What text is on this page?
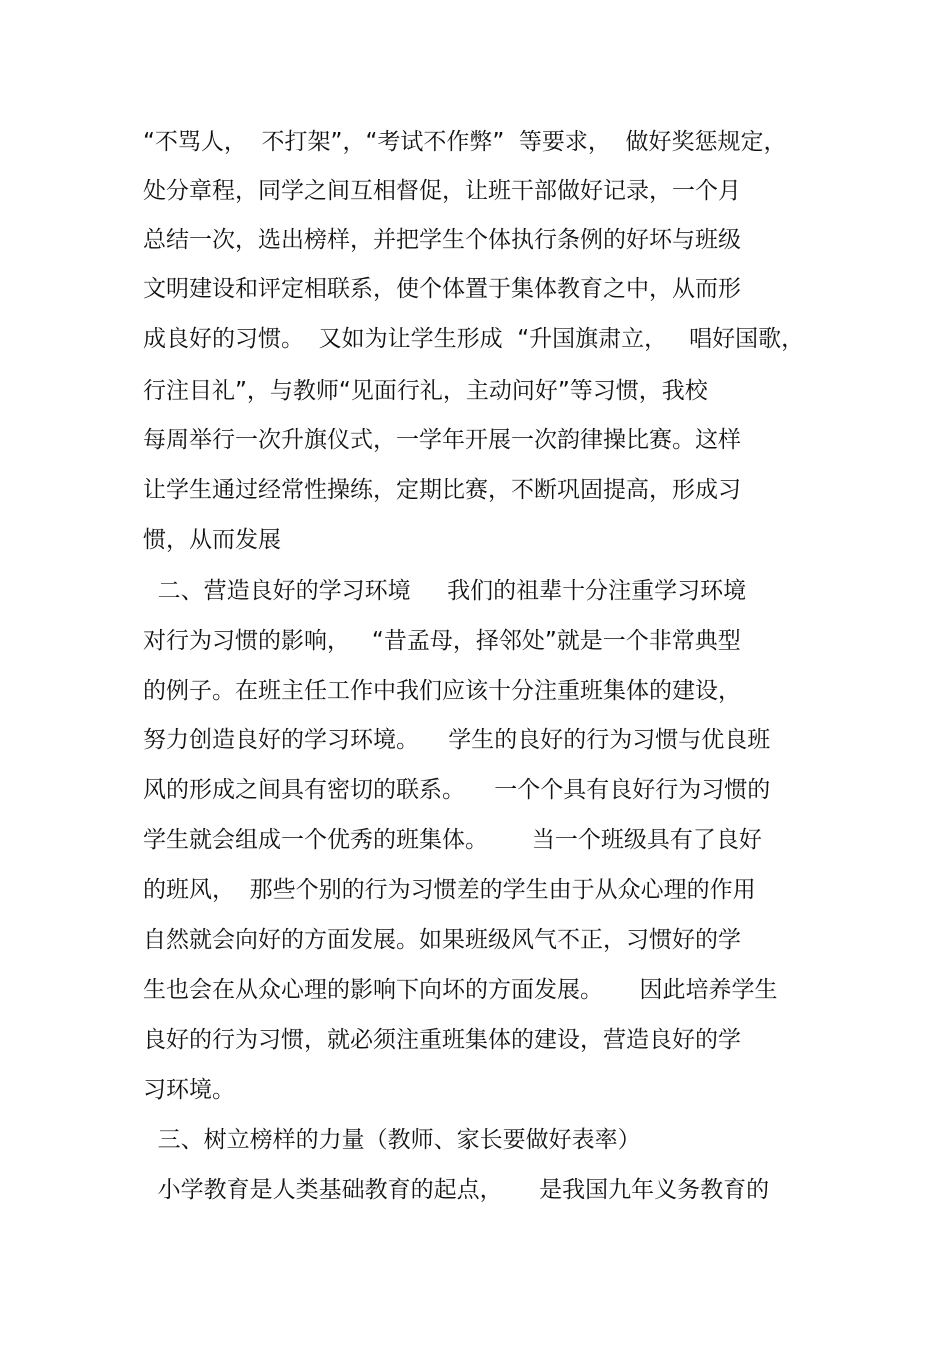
“不骂人，  不打架”，“考试不作弊”  等要求，  做好奖惩规定，
处分章程，同学之间互相督促，让班干部做好记录，一个月
总结一次，选出榜样，并把学生个体执行条例的好坏与班级
文明建设和评定相联系，使个体置于集体教育之中，从而形
成良好的习惯。  又如为让学生形成  “升国旗肃立，   唱好国歌，
行注目礼”，与教师“见面行礼，主动问好”等习惯，我校
每周举行一次升旗仪式，一学年开展一次韵律操比赛。这样
让学生通过经常性操练，定期比赛，不断巩固提高，形成习
惯，从而发展
二、营造良好的学习环境     我们的祖辈十分注重学习环境
对行为习惯的影响，   “昔孟母，择邻处”就是一个非常典型
的例子。在班主任工作中我们应该十分注重班集体的建设，
努力创造良好的学习环境。    学生的良好的行为习惯与优良班
风的形成之间具有密切的联系。    一个个具有良好行为习惯的
学生就会组成一个优秀的班集体。      当一个班级具有了良好
的班风，  那些个别的行为习惯差的学生由于从众心理的作用
自然就会向好的方面发展。如果班级风气不正，习惯好的学
生也会在从众心理的影响下向坏的方面发展。     因此培养学生
良好的行为习惯，就必须注重班集体的建设，营造良好的学
习环境。
三、树立榜样的力量（教师、家长要做好表率）
小学教育是人类基础教育的起点，     是我国九年义务教育的
